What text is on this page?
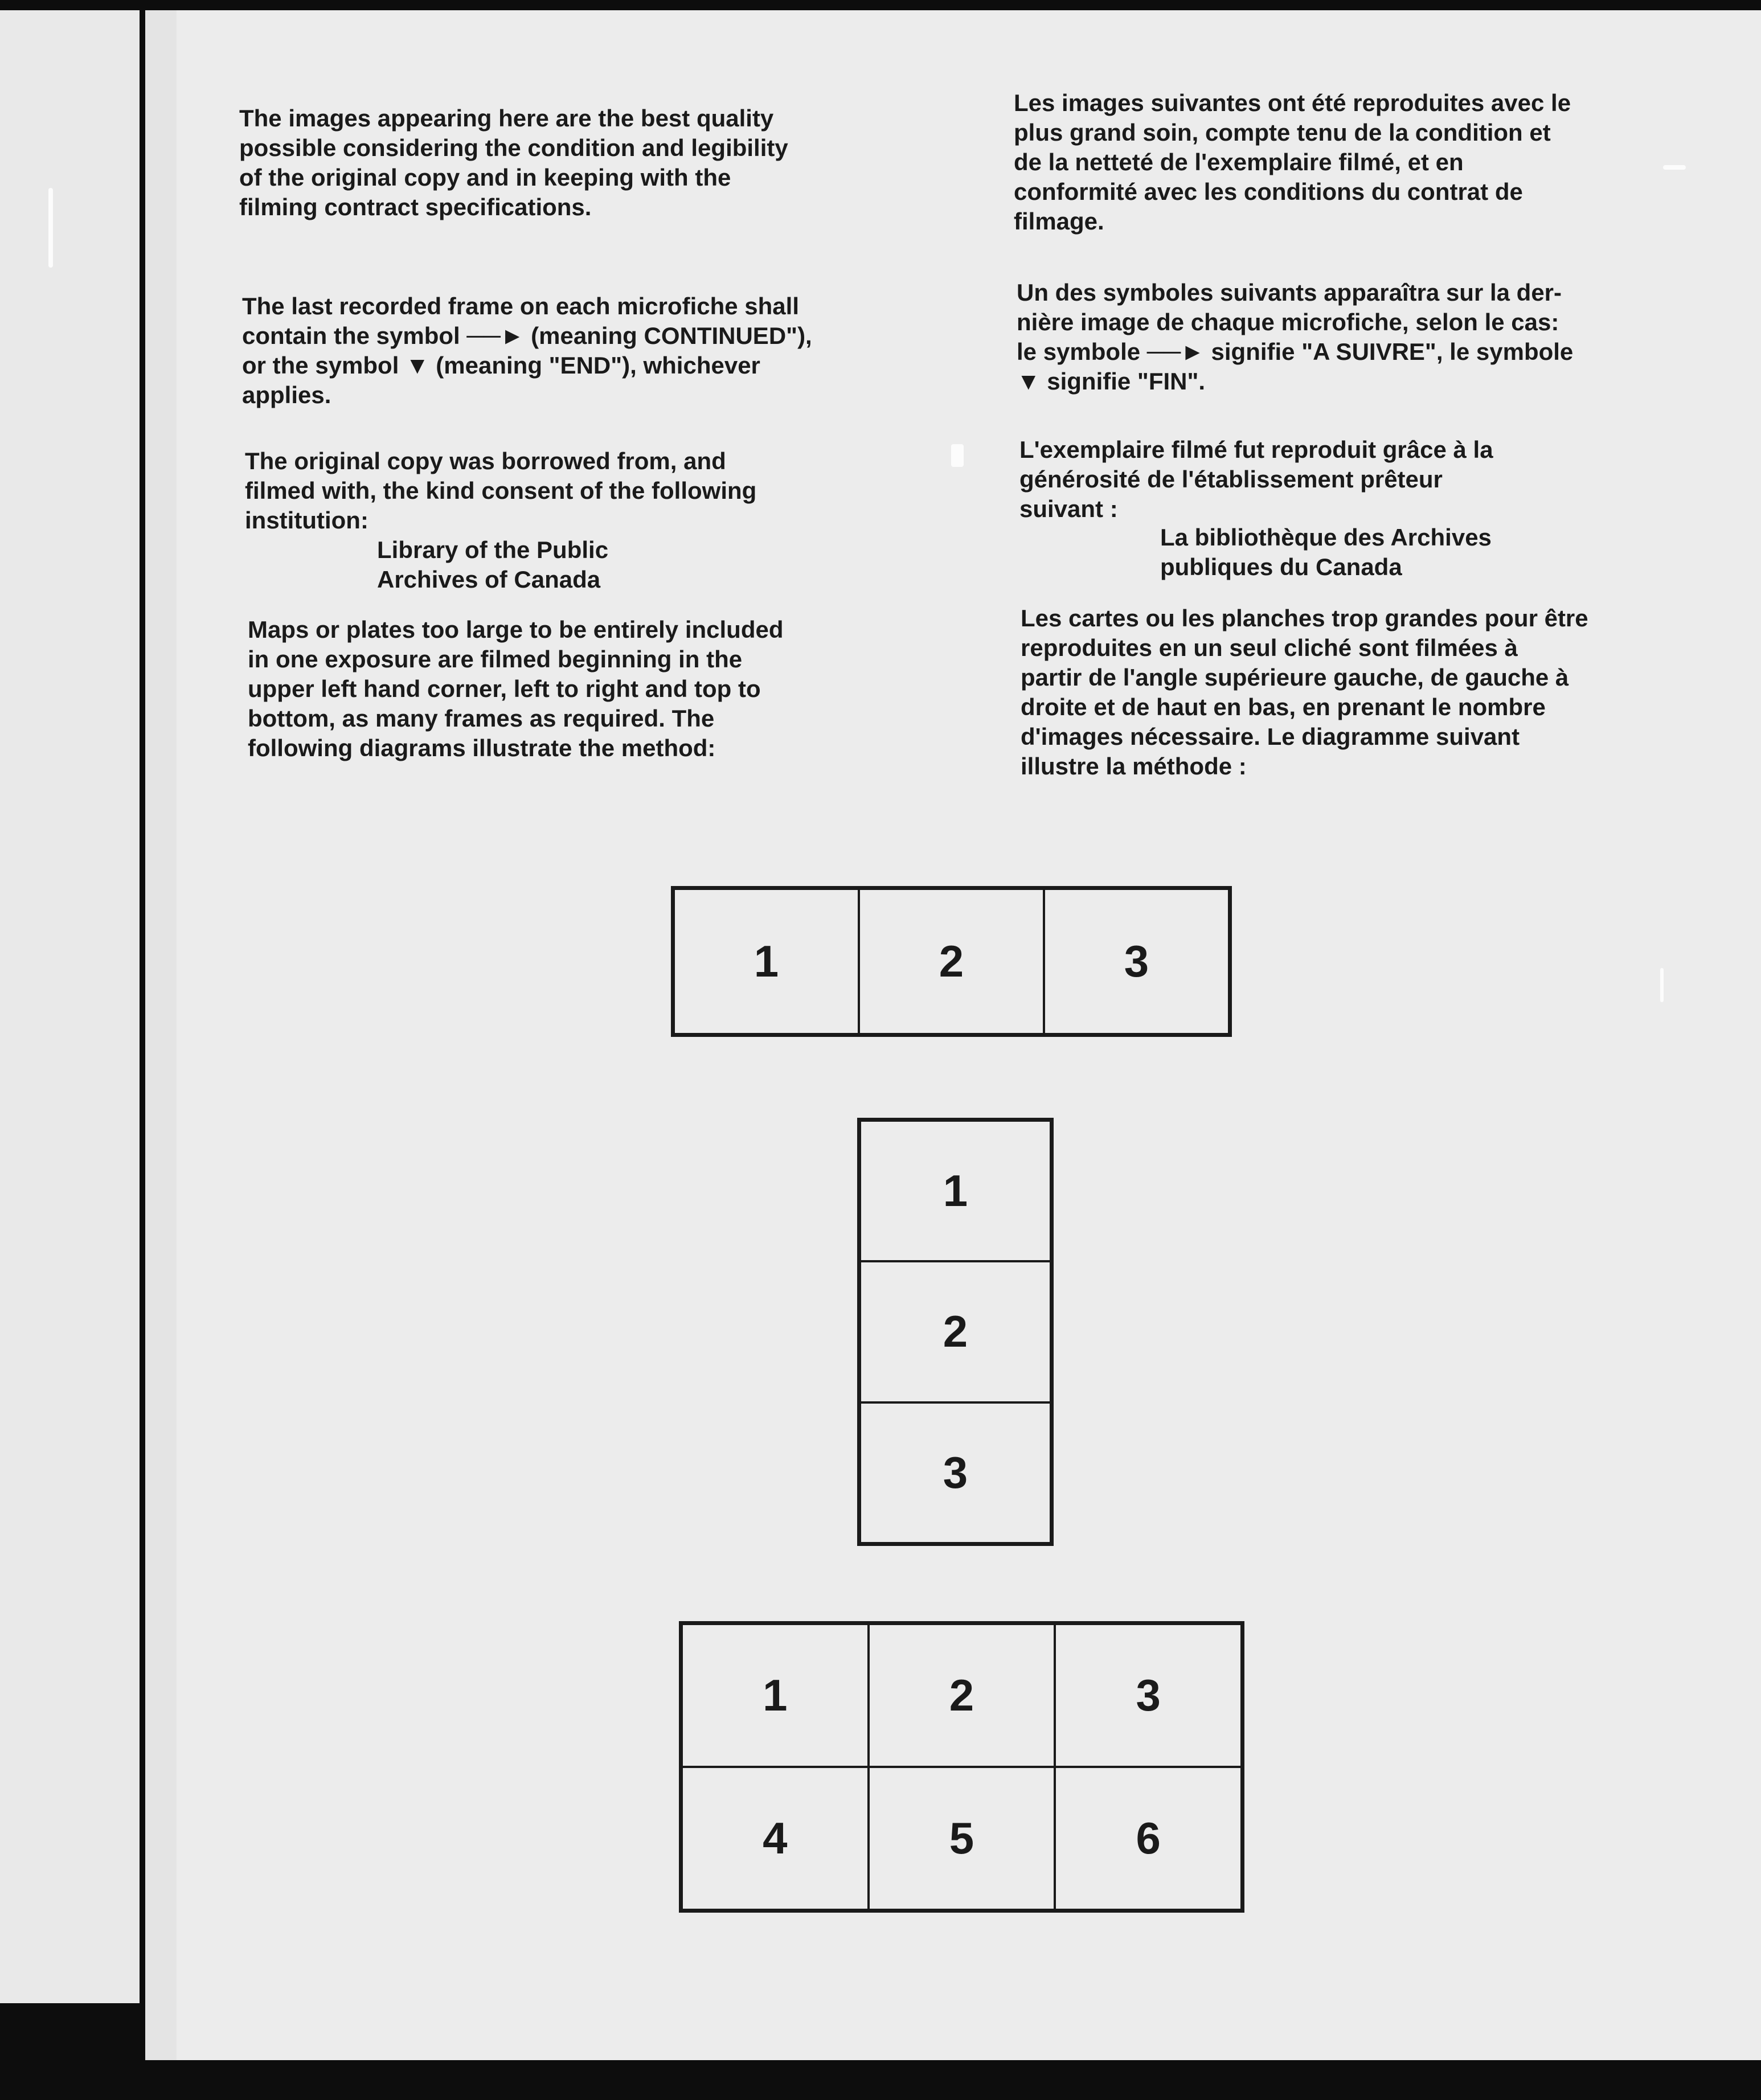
The images appearing here are the best quality
possible considering the condition and legibility
of the original copy and in keeping with the
filming contract specifications.

The last recorded frame on each microfiche shall
contain the symbol ──► (meaning CONTINUED"),
or the symbol ▼ (meaning "END"), whichever
applies.

The original copy was borrowed from, and
filmed with, the kind consent of the following
institution:

Library of the Public
Archives of Canada

Maps or plates too large to be entirely included
in one exposure are filmed beginning in the
upper left hand corner, left to right and top to
bottom, as many frames as required. The
following diagrams illustrate the method:

Les images suivantes ont été reproduites avec le
plus grand soin, compte tenu de la condition et
de la netteté de l'exemplaire filmé, et en
conformité avec les conditions du contrat de
filmage.

Un des symboles suivants apparaîtra sur la der-
nière image de chaque microfiche, selon le cas:
le symbole ──► signifie "A SUIVRE", le symbole
▼ signifie "FIN".

L'exemplaire filmé fut reproduit grâce à la
générosité de l'établissement prêteur
suivant :

La bibliothèque des Archives
publiques du Canada

Les cartes ou les planches trop grandes pour être
reproduites en un seul cliché sont filmées à
partir de l'angle supérieure gauche, de gauche à
droite et de haut en bas, en prenant le nombre
d'images nécessaire. Le diagramme suivant
illustre la méthode :

1	2	3
1
2
3
1	2	3
4	5	6
